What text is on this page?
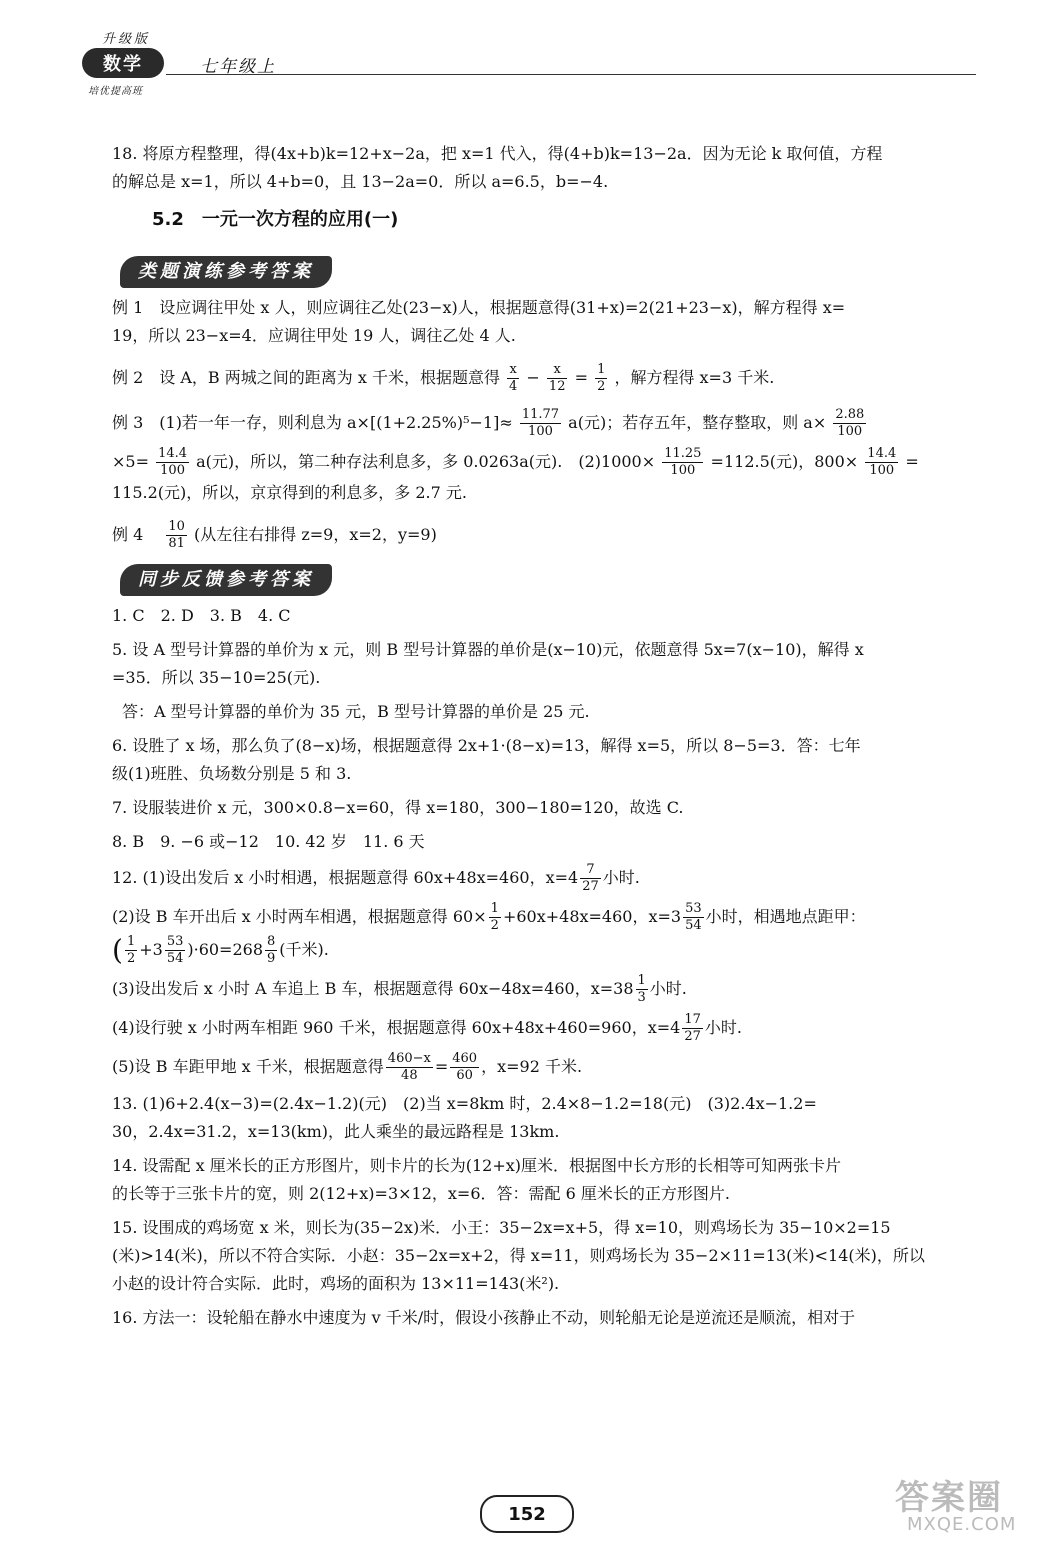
升级版
数学
培优提高班
七年级上

18. 将原方程整理，得(4x+b)k=12+x−2a，把 x=1 代入，得(4+b)k=13−2a．因为无论 k 取何值，方程

的解总是 x=1，所以 4+b=0，且 13−2a=0．所以 a=6.5，b=−4.

5.2　一元一次方程的应用(一)
类题演练参考答案

例 1　设应调往甲处 x 人，则应调往乙处(23−x)人，根据题意得(31+x)=2(21+23−x)，解方程得 x=

19，所以 23−x=4．应调往甲处 19 人，调往乙处 4 人.

例 2　设 A，B 两城之间的距离为 x 千米，根据题意得 $\frac{x}{4} - \frac{x}{12} = \frac{1}{2}$ ，解方程得 x=3 千米.

例 3　(1)若一年一存，则利息为 $a\times[(1+2.25\%)^5-1]\approx \frac{11.77}{100} a$(元)；若存五年，整存整取，则 $a\times \frac{2.88}{100}$

$\times 5= \frac{14.4}{100} a$(元)，所以，第二种存法利息多，多 0.0263a(元).　$(2)1000\times \frac{11.25}{100} =112.5$(元)，$800\times \frac{14.4}{100}$ =

115.2(元)，所以，京京得到的利息多，多 2.7 元.

例 4　 $\frac{10}{81}$ (从左往右排得 z=9，x=2，y=9)

同步反馈参考答案

1. C　2. D　3. B　4. C

5. 设 A 型号计算器的单价为 x 元，则 B 型号计算器的单价是(x−10)元，依题意得 5x=7(x−10)，解得 x

=35．所以 35−10=25(元).

答：A 型号计算器的单价为 35 元，B 型号计算器的单价是 25 元.

6. 设胜了 x 场，那么负了(8−x)场，根据题意得 2x+1·(8−x)=13，解得 x=5，所以 8−5=3．答：七年

级(1)班胜、负场数分别是 5 和 3.

7. 设服装进价 x 元，300×0.8−x=60，得 x=180，300−180=120，故选 C.

8. B　9. −6 或−12　10. 42 岁　11. 6 天

12. (1)设出发后 x 小时相遇，根据题意得 60x+48x=460，$x=4 \frac{7}{27}$ 小时.

(2)设 B 车开出后 x 小时两车相遇，根据题意得 $60\times \frac{1}{2} +60x+48x=460$，$x=3 \frac{53}{54}$ 小时，相遇地点距甲：

( $\frac{1}{2} +3 \frac{53}{54} )\cdot 60=268 \frac{8}{9}$ (千米).

(3)设出发后 x 小时 A 车追上 B 车，根据题意得 60x−48x=460，$x=38 \frac{1}{3}$ 小时.

(4)设行驶 x 小时两车相距 960 千米，根据题意得 60x+48x+460=960，$x=4 \frac{17}{27}$ 小时.

(5)设 B 车距甲地 x 千米，根据题意得 $\frac{460-x}{48} = \frac{460}{60}$ ，x=92 千米.

13. (1)6+2.4(x−3)=(2.4x−1.2)(元)　(2)当 x=8km 时，2.4×8−1.2=18(元)　(3)2.4x−1.2=

30，2.4x=31.2，x=13(km)，此人乘坐的最远路程是 13km.

14. 设需配 x 厘米长的正方形图片，则卡片的长为(12+x)厘米．根据图中长方形的长相等可知两张卡片

的长等于三张卡片的宽，则 2(12+x)=3×12，x=6．答：需配 6 厘米长的正方形图片.

15. 设围成的鸡场宽 x 米，则长为(35−2x)米．小王：35−2x=x+5，得 x=10，则鸡场长为 35−10×2=15

(米)>14(米)，所以不符合实际．小赵：35−2x=x+2，得 x=11，则鸡场长为 35−2×11=13(米)<14(米)，所以

小赵的设计符合实际．此时，鸡场的面积为 13×11=143(米²).

16. 方法一：设轮船在静水中速度为 v 千米/时，假设小孩静止不动，则轮船无论是逆流还是顺流，相对于

152	答案圈
MXQE.COM
